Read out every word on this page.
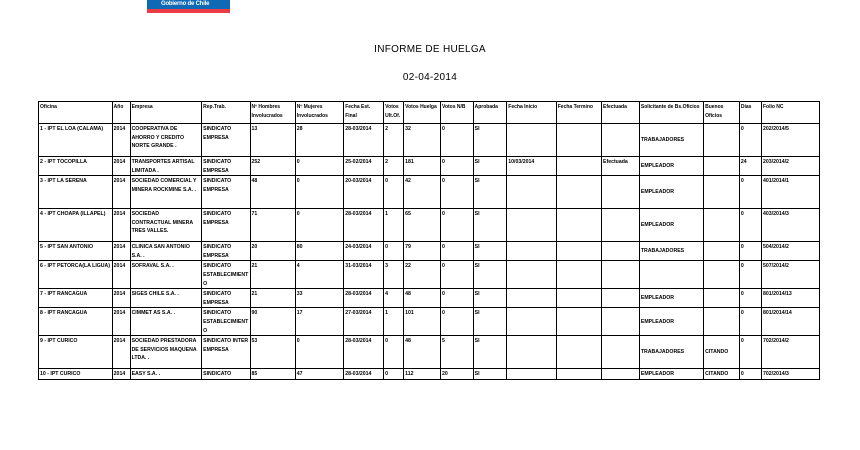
Gobierno de Chile
INFORME DE HUELGA
02-04-2014
Oficina	Año	Empresa	Rep.Trab.	Nº Hombres Involucrados	Nº Mujeres Involucrados	Fecha Est. Final	Votos Ult.Of.	Votos Huelga	Votos N/B	Aprobada	Fecha Inicio	Fecha Termino	Efectuada	Solicitante de Bs.Oficios	Buenos Oficios	Días	Folio NC
1 - IPT EL LOA (CALAMA)	2014	COOPERATIVA DE AHORRO Y CREDITO NORTE GRANDE .	SINDICATO EMPRESA	13	28	28-03/2014	2	32	0	SI				TRABAJADORES		0	202/2014/5
2 - IPT TOCOPILLA	2014	TRANSPORTES ARTISAL LIMITADA .	SINDICATO EMPRESA	252	0	25-02/2014	2	181	0	SI	10/03/2014		Efectuada	EMPLEADOR		24	203/2014/2
3 - IPT LA SERENA	2014	SOCIEDAD COMERCIAL Y MINERA ROCKMINE S.A. .	SINDICATO EMPRESA	48	0	20-03/2014	0	42	0	SI				EMPLEADOR		0	401/2014/1
4 - IPT CHOAPA (ILLAPEL)	2014	SOCIEDAD CONTRACTUAL MINERA TRES VALLES.	SINDICATO EMPRESA	71	0	28-03/2014	1	65	0	SI				EMPLEADOR		0	403/2014/3
5 - IPT SAN ANTONIO	2014	CLINICA SAN ANTONIO S.A. .	SINDICATO EMPRESA	20	80	24-03/2014	0	79	0	SI				TRABAJADORES		0	504/2014/2
6 - IPT PETORCA(LA LIGUA)	2014	SOFRAVAL S.A. .	SINDICATO ESTABLECIMIENTO	21	4	31-03/2014	3	22	0	SI						0	507/2014/2
7 - IPT RANCAGUA	2014	SIGES CHILE S.A. .	SINDICATO EMPRESA	21	33	28-03/2014	4	48	0	SI				EMPLEADOR		0	801/2014/13
8 - IPT RANCAGUA	2014	CIMMET AS S.A. .	SINDICATO ESTABLECIMIENTO	90	17	27-03/2014	1	101	0	SI				EMPLEADOR		0	801/2014/14
9 - IPT CURICO	2014	SOCIEDAD PRESTADORA DE SERVICIOS MAQUENA LTDA. .	SINDICATO INTER EMPRESA	53	0	28-03/2014	0	48	5	SI				TRABAJADORES	CITANDO	0	702/2014/2
10 - IPT CURICO	2014	EASY S.A. .	SINDICATO	85	47	28-03/2014	0	112	20	SI				EMPLEADOR	CITANDO	0	702/2014/3
